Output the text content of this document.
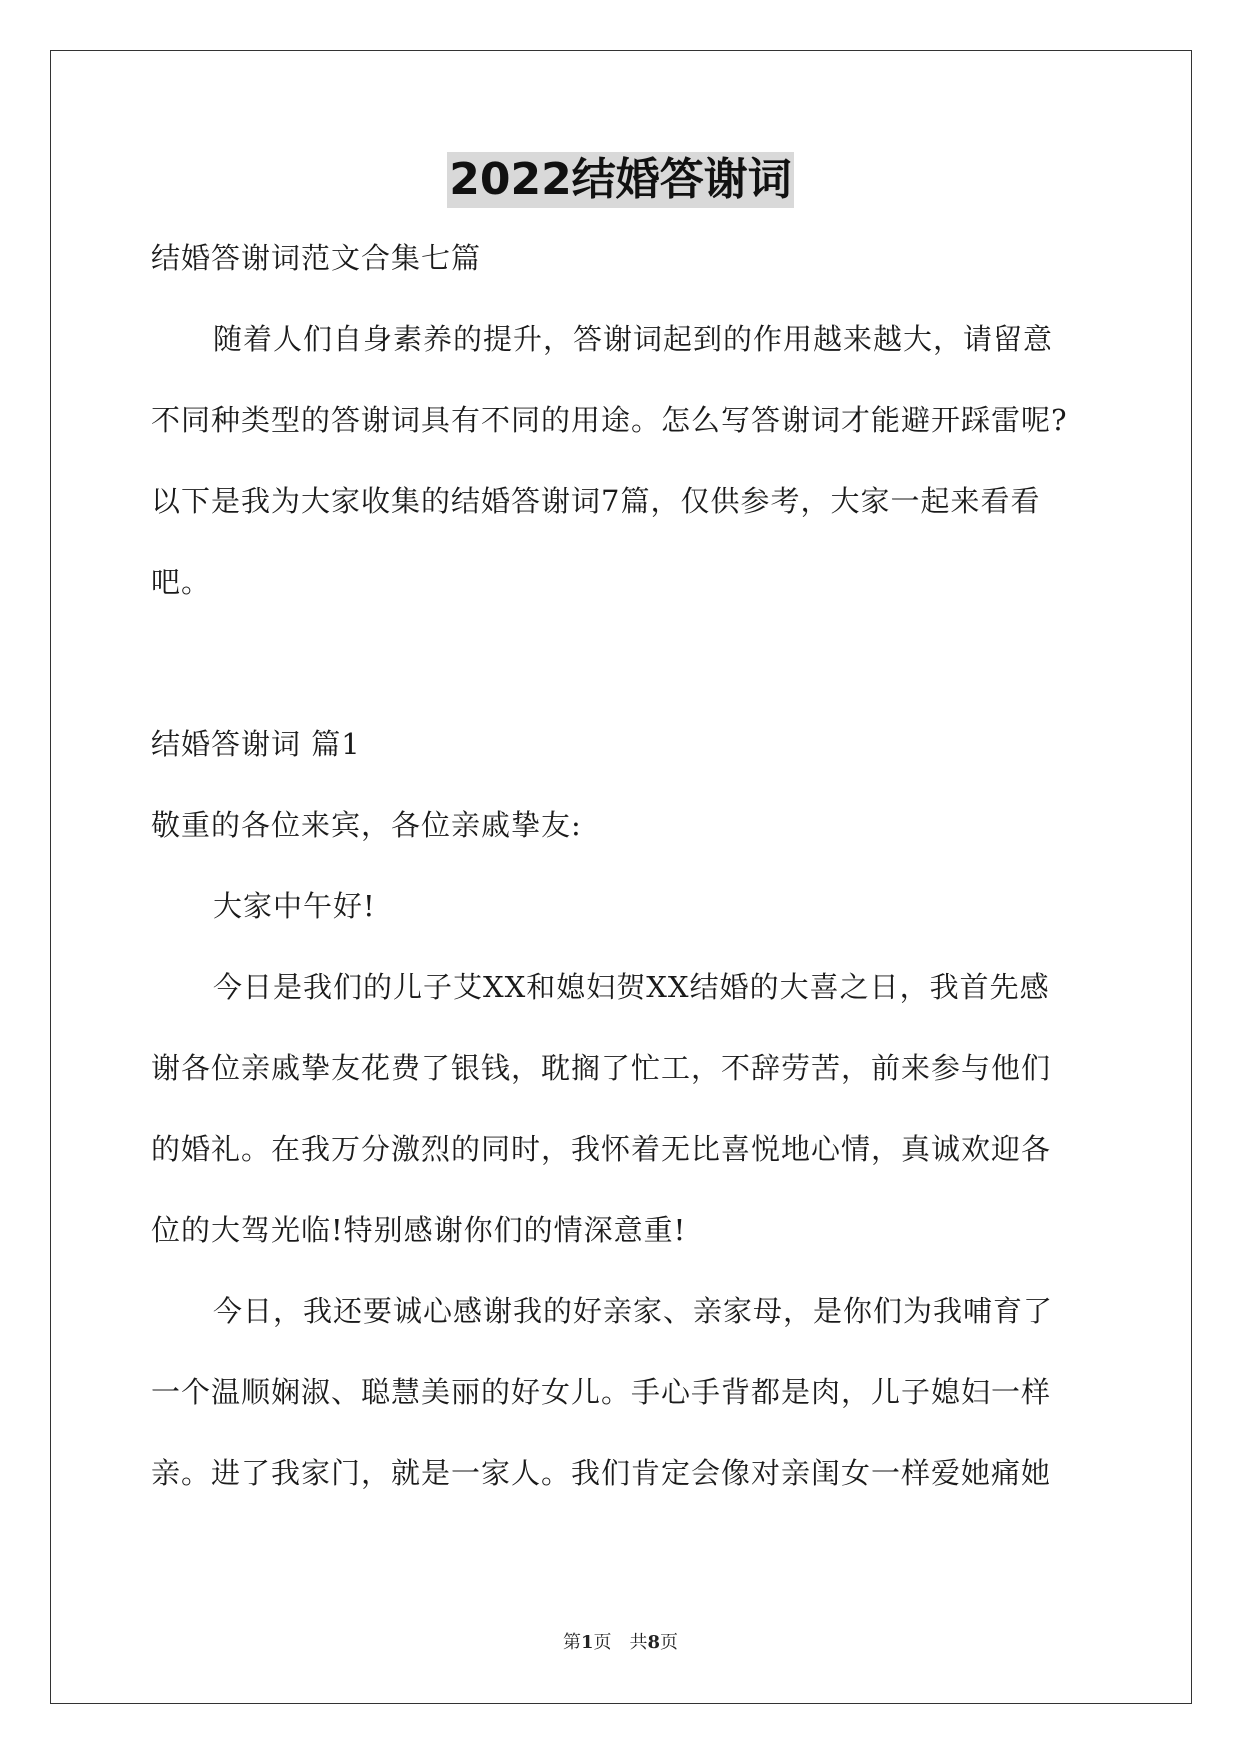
2022结婚答谢词
结婚答谢词范文合集七篇
随着人们自身素养的提升，答谢词起到的作用越来越大，请留意
不同种类型的答谢词具有不同的用途。怎么写答谢词才能避开踩雷呢?
以下是我为大家收集的结婚答谢词7篇，仅供参考，大家一起来看看
吧。
结婚答谢词 篇1
敬重的各位来宾，各位亲戚挚友:
大家中午好!
今日是我们的儿子艾XX和媳妇贺XX结婚的大喜之日，我首先感
谢各位亲戚挚友花费了银钱，耽搁了忙工，不辞劳苦，前来参与他们
的婚礼。在我万分激烈的同时，我怀着无比喜悦地心情，真诚欢迎各
位的大驾光临!特别感谢你们的情深意重!
今日，我还要诚心感谢我的好亲家、亲家母，是你们为我哺育了
一个温顺娴淑、聪慧美丽的好女儿。手心手背都是肉，儿子媳妇一样
亲。进了我家门，就是一家人。我们肯定会像对亲闺女一样爱她痛她
第1页 共8页
